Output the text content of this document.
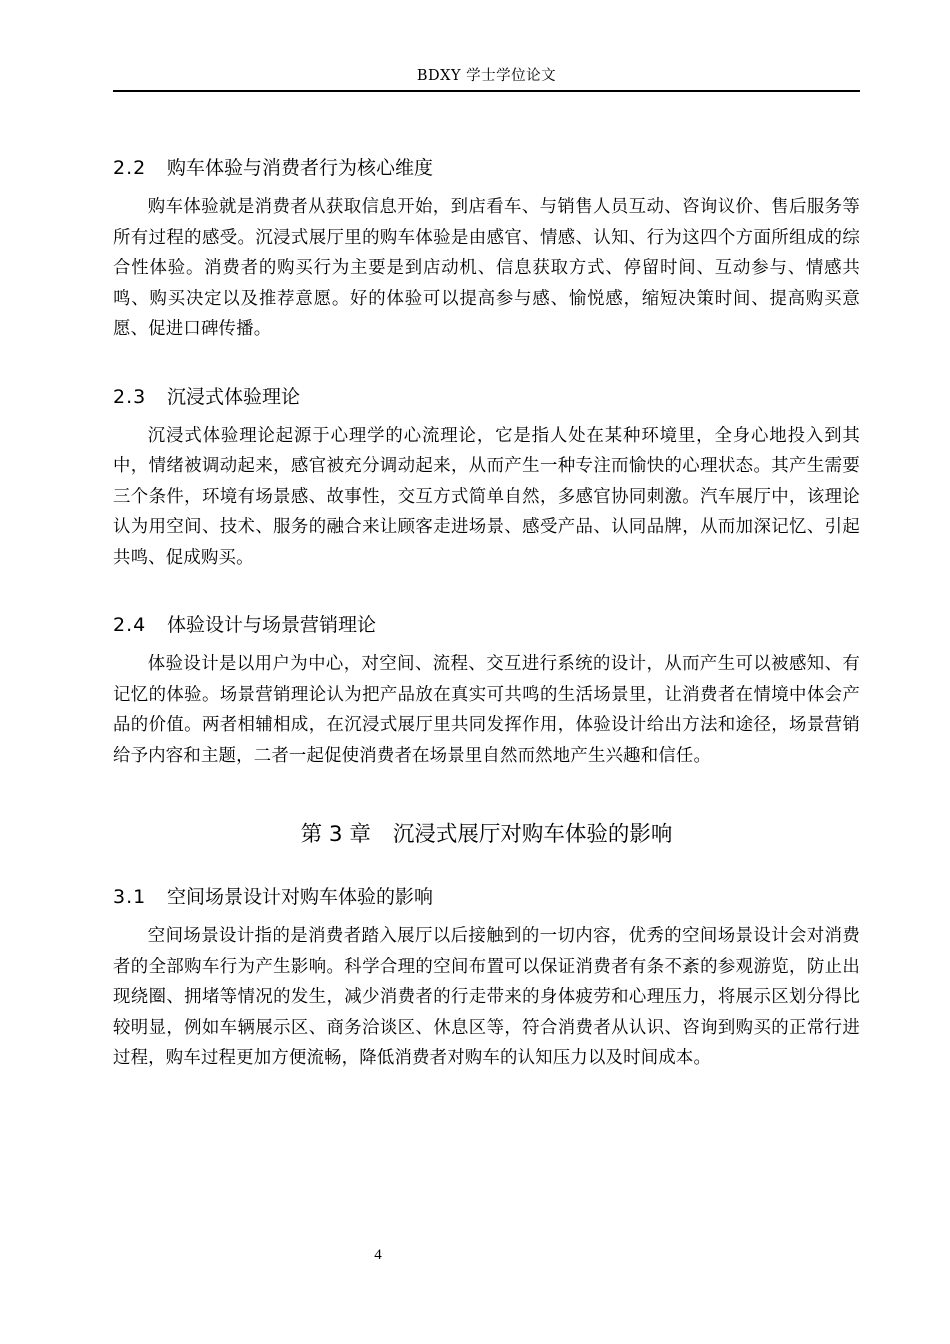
BDXY 学士学位论文
2.2 购车体验与消费者行为核心维度

购车体验就是消费者从获取信息开始，到店看车、与销售人员互动、咨询议价、售后服务等所有过程的感受。沉浸式展厅里的购车体验是由感官、情感、认知、行为这四个方面所组成的综合性体验。消费者的购买行为主要是到店动机、信息获取方式、停留时间、互动参与、情感共鸣、购买决定以及推荐意愿。好的体验可以提高参与感、愉悦感，缩短决策时间、提高购买意愿、促进口碑传播。

2.3 沉浸式体验理论

沉浸式体验理论起源于心理学的心流理论，它是指人处在某种环境里，全身心地投入到其中，情绪被调动起来，感官被充分调动起来，从而产生一种专注而愉快的心理状态。其产生需要三个条件，环境有场景感、故事性，交互方式简单自然，多感官协同刺激。汽车展厅中，该理论认为用空间、技术、服务的融合来让顾客走进场景、感受产品、认同品牌，从而加深记忆、引起共鸣、促成购买。

2.4 体验设计与场景营销理论

体验设计是以用户为中心，对空间、流程、交互进行系统的设计，从而产生可以被感知、有记忆的体验。场景营销理论认为把产品放在真实可共鸣的生活场景里，让消费者在情境中体会产品的价值。两者相辅相成，在沉浸式展厅里共同发挥作用，体验设计给出方法和途径，场景营销给予内容和主题，二者一起促使消费者在场景里自然而然地产生兴趣和信任。

第 3 章 沉浸式展厅对购车体验的影响
3.1 空间场景设计对购车体验的影响

空间场景设计指的是消费者踏入展厅以后接触到的一切内容，优秀的空间场景设计会对消费者的全部购车行为产生影响。科学合理的空间布置可以保证消费者有条不紊的参观游览，防止出现绕圈、拥堵等情况的发生，减少消费者的行走带来的身体疲劳和心理压力，将展示区划分得比较明显，例如车辆展示区、商务洽谈区、休息区等，符合消费者从认识、咨询到购买的正常行进过程，购车过程更加方便流畅，降低消费者对购车的认知压力以及时间成本。

4
